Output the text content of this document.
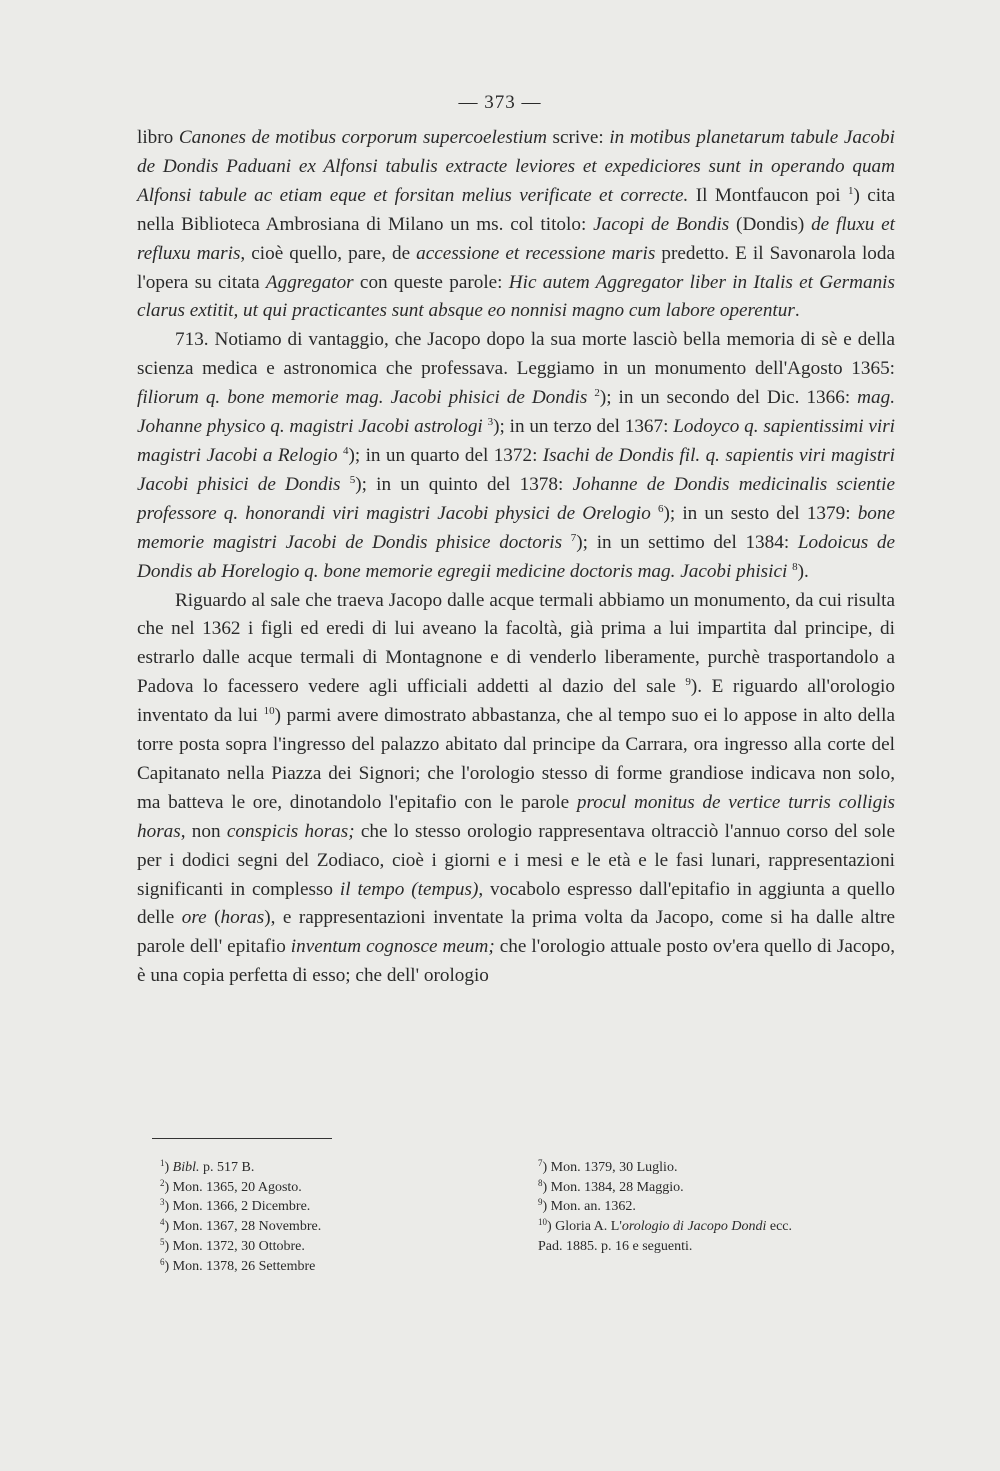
— 373 —

libro Canones de motibus corporum supercoelestium scrive: in motibus planetarum tabule Jacobi de Dondis Paduani ex Alfonsi tabulis extracte leviores et expediciores sunt in operando quam Alfonsi tabule ac etiam eque et forsitan melius verificate et correcte. Il Montfaucon poi $^1$) cita nella Biblioteca Ambrosiana di Milano un ms. col titolo: Jacopi de Bondis (Dondis) de fluxu et refluxu maris, cioè quello, pare, de accessione et recessione maris predetto. E il Savonarola loda l'opera su citata Aggregator con queste parole: Hic autem Aggregator liber in Italis et Germanis clarus extitit, ut qui practicantes sunt absque eo nonnisi magno cum labore operentur.

713. Notiamo di vantaggio, che Jacopo dopo la sua morte lasciò bella memoria di sè e della scienza medica e astronomica che professava. Leggiamo in un monumento dell'Agosto 1365: filiorum q. bone memorie mag. Jacobi phisici de Dondis $^2$); in un secondo del Dic. 1366: mag. Johanne physico q. magistri Jacobi astrologi $^3$); in un terzo del 1367: Lodoyco q. sapientissimi viri magistri Jacobi a Relogio $^4$); in un quarto del 1372: Isachi de Dondis fil. q. sapientis viri magistri Jacobi phisici de Dondis $^5$); in un quinto del 1378: Johanne de Dondis medicinalis scientie professore q. honorandi viri magistri Jacobi physici de Orelogio $^6$); in un sesto del 1379: bone memorie magistri Jacobi de Dondis phisice doctoris $^7$); in un settimo del 1384: Lodoicus de Dondis ab Horelogio q. bone memorie egregii medicine doctoris mag. Jacobi phisici $^8$).

Riguardo al sale che traeva Jacopo dalle acque termali abbiamo un monumento, da cui risulta che nel 1362 i figli ed eredi di lui aveano la facoltà, già prima a lui impartita dal principe, di estrarlo dalle acque termali di Montagnone e di venderlo liberamente, purchè trasportandolo a Padova lo facessero vedere agli ufficiali addetti al dazio del sale $^9$). E riguardo all'orologio inventato da lui $^{10}$) parmi avere dimostrato abbastanza, che al tempo suo ei lo appose in alto della torre posta sopra l'ingresso del palazzo abitato dal principe da Carrara, ora ingresso alla corte del Capitanato nella Piazza dei Signori; che l'orologio stesso di forme grandiose indicava non solo, ma batteva le ore, dinotandolo l'epitafio con le parole procul monitus de vertice turris colligis horas, non conspicis horas; che lo stesso orologio rappresentava oltracciò l'annuo corso del sole per i dodici segni del Zodiaco, cioè i giorni e i mesi e le età e le fasi lunari, rappresentazioni significanti in complesso il tempo (tempus), vocabolo espresso dall'epitafio in aggiunta a quello delle ore (horas), e rappresentazioni inventate la prima volta da Jacopo, come si ha dalle altre parole dell' epitafio inventum cognosce meum; che l'orologio attuale posto ov'era quello di Jacopo, è una copia perfetta di esso; che dell' orologio

$^1$) Bibl. p. 517 B.

$^2$) Mon. 1365, 20 Agosto.

$^3$) Mon. 1366, 2 Dicembre.

$^4$) Mon. 1367, 28 Novembre.

$^5$) Mon. 1372, 30 Ottobre.

$^6$) Mon. 1378, 26 Settembre

$^7$) Mon. 1379, 30 Luglio.

$^8$) Mon. 1384, 28 Maggio.

$^9$) Mon. an. 1362.

$^{10}$) Gloria A. L'orologio di Jacopo Dondi ecc.

Pad. 1885. p. 16 e seguenti.
